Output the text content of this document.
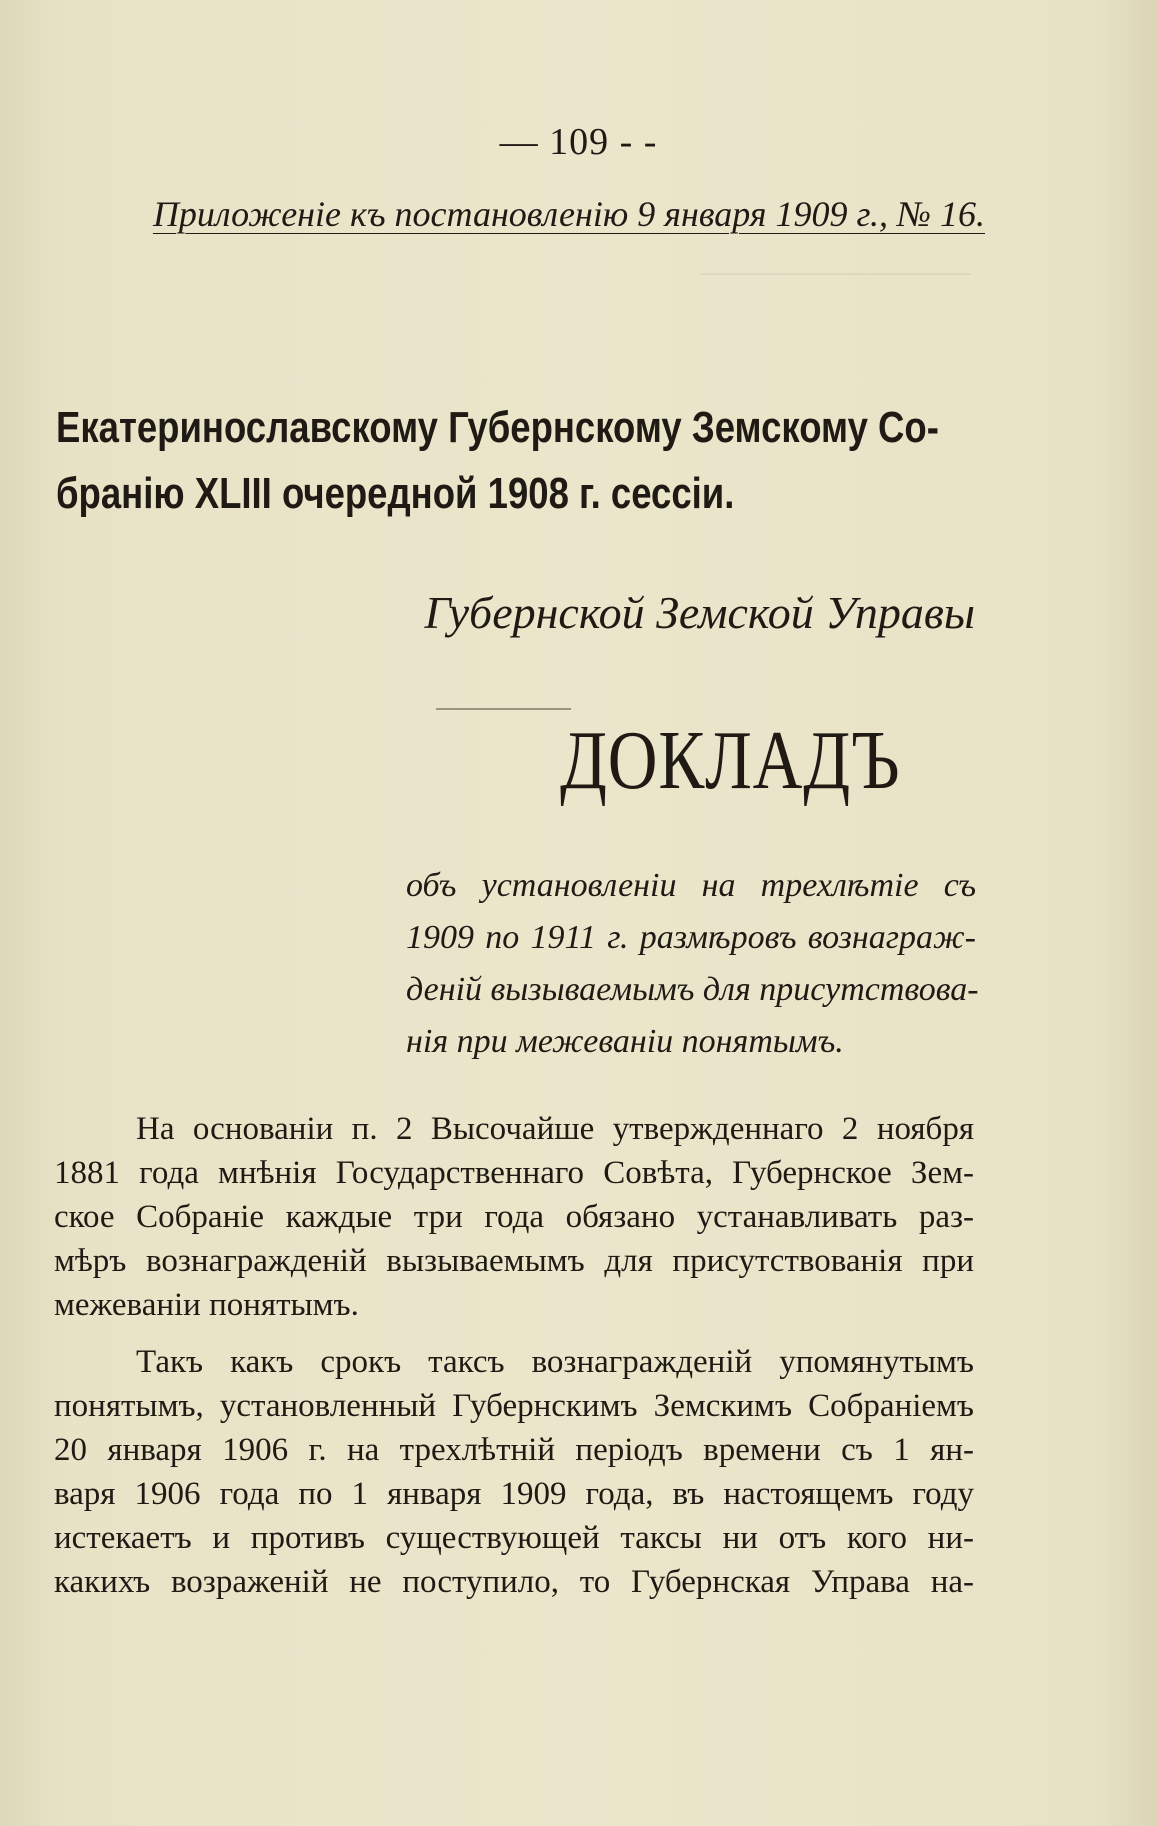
—————————
— 109 - -
Приложенiе къ постановленiю 9 января 1909 г., № 16.
Екатеринославскому Губернскому Земскому Со-
бранiю XLIII очередной 1908 г. сессiи.
Губернской Земской Управы
ДОКЛАДЪ
объ установленiи на трехлѣтiе съ
1909 по 1911 г. размѣровъ вознаграж-
денiй вызываемымъ для присутствова-
нiя при межеванiи понятымъ.
На основанiи п. 2 Высочайше утвержденнаго 2 ноября
1881 года мнѣнiя Государственнаго Совѣта, Губернское Зем-
ское Собранiе каждые три года обязано устанавливать раз-
мѣръ вознагражденiй вызываемымъ для присутствованiя при
межеванiи понятымъ.
Такъ какъ срокъ таксъ вознагражденiй упомянутымъ
понятымъ, установленный Губернскимъ Земскимъ Собранiемъ
20 января 1906 г. на трехлѣтнiй перiодъ времени съ 1 ян-
варя 1906 года по 1 января 1909 года, въ настоящемъ году
истекаетъ и противъ существующей таксы ни отъ кого ни-
какихъ возраженiй не поступило, то Губернская Управа на-
